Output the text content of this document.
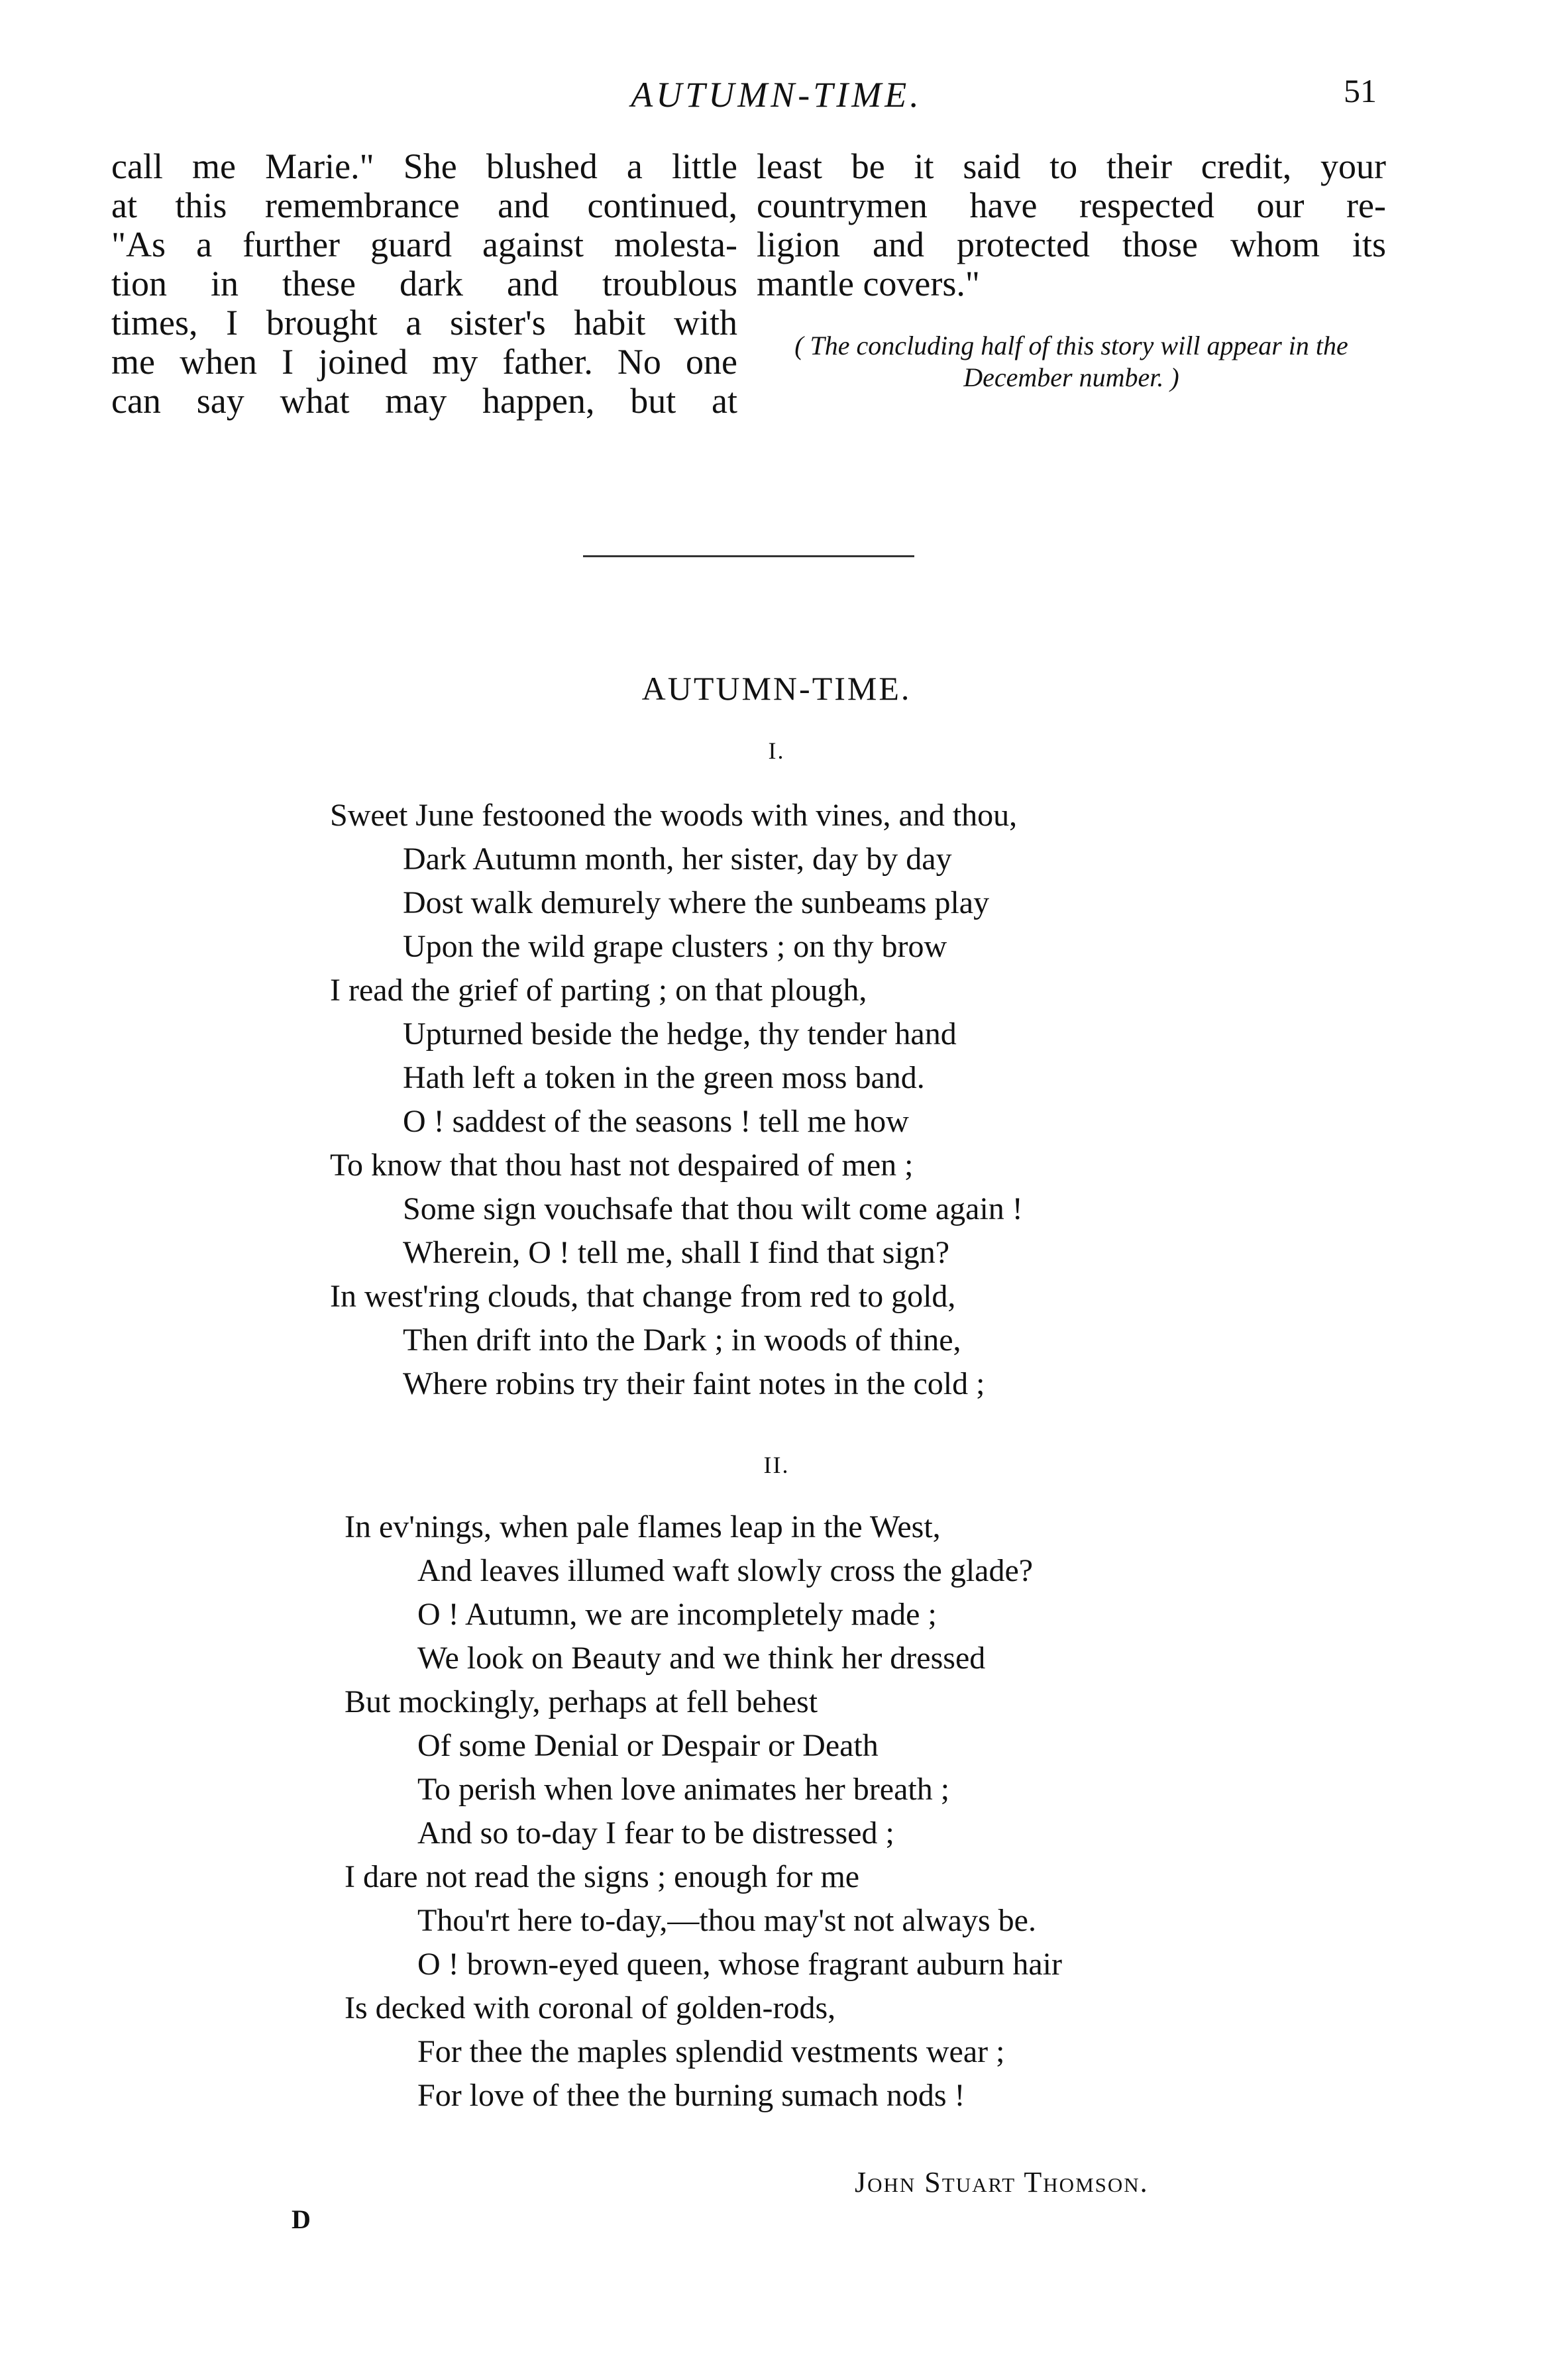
AUTUMN-TIME.	51
call me Marie." She blushed a little
at this remembrance and continued,
"As a further guard against molesta-
tion in these dark and troublous
times, I brought a sister's habit with
me when I joined my father. No one
can say what may happen, but at
least be it said to their credit, your
countrymen have respected our re-
ligion and protected those whom its
mantle covers."
( The concluding half of this story will appear in the December number. )
AUTUMN-TIME.
I.
Sweet June festooned the woods with vines, and thou,
Dark Autumn month, her sister, day by day
Dost walk demurely where the sunbeams play
Upon the wild grape clusters ; on thy brow
I read the grief of parting ; on that plough,
Upturned beside the hedge, thy tender hand
Hath left a token in the green moss band.
O ! saddest of the seasons ! tell me how
To know that thou hast not despaired of men ;
Some sign vouchsafe that thou wilt come again !
Wherein, O ! tell me, shall I find that sign?
In west'ring clouds, that change from red to gold,
Then drift into the Dark ; in woods of thine,
Where robins try their faint notes in the cold ;
II.
In ev'nings, when pale flames leap in the West,
And leaves illumed waft slowly cross the glade?
O ! Autumn, we are incompletely made ;
We look on Beauty and we think her dressed
But mockingly, perhaps at fell behest
Of some Denial or Despair or Death
To perish when love animates her breath ;
And so to-day I fear to be distressed ;
I dare not read the signs ; enough for me
Thou'rt here to-day,—thou may'st not always be.
O ! brown-eyed queen, whose fragrant auburn hair
Is decked with coronal of golden-rods,
For thee the maples splendid vestments wear ;
For love of thee the burning sumach nods !
John Stuart Thomson.
D
